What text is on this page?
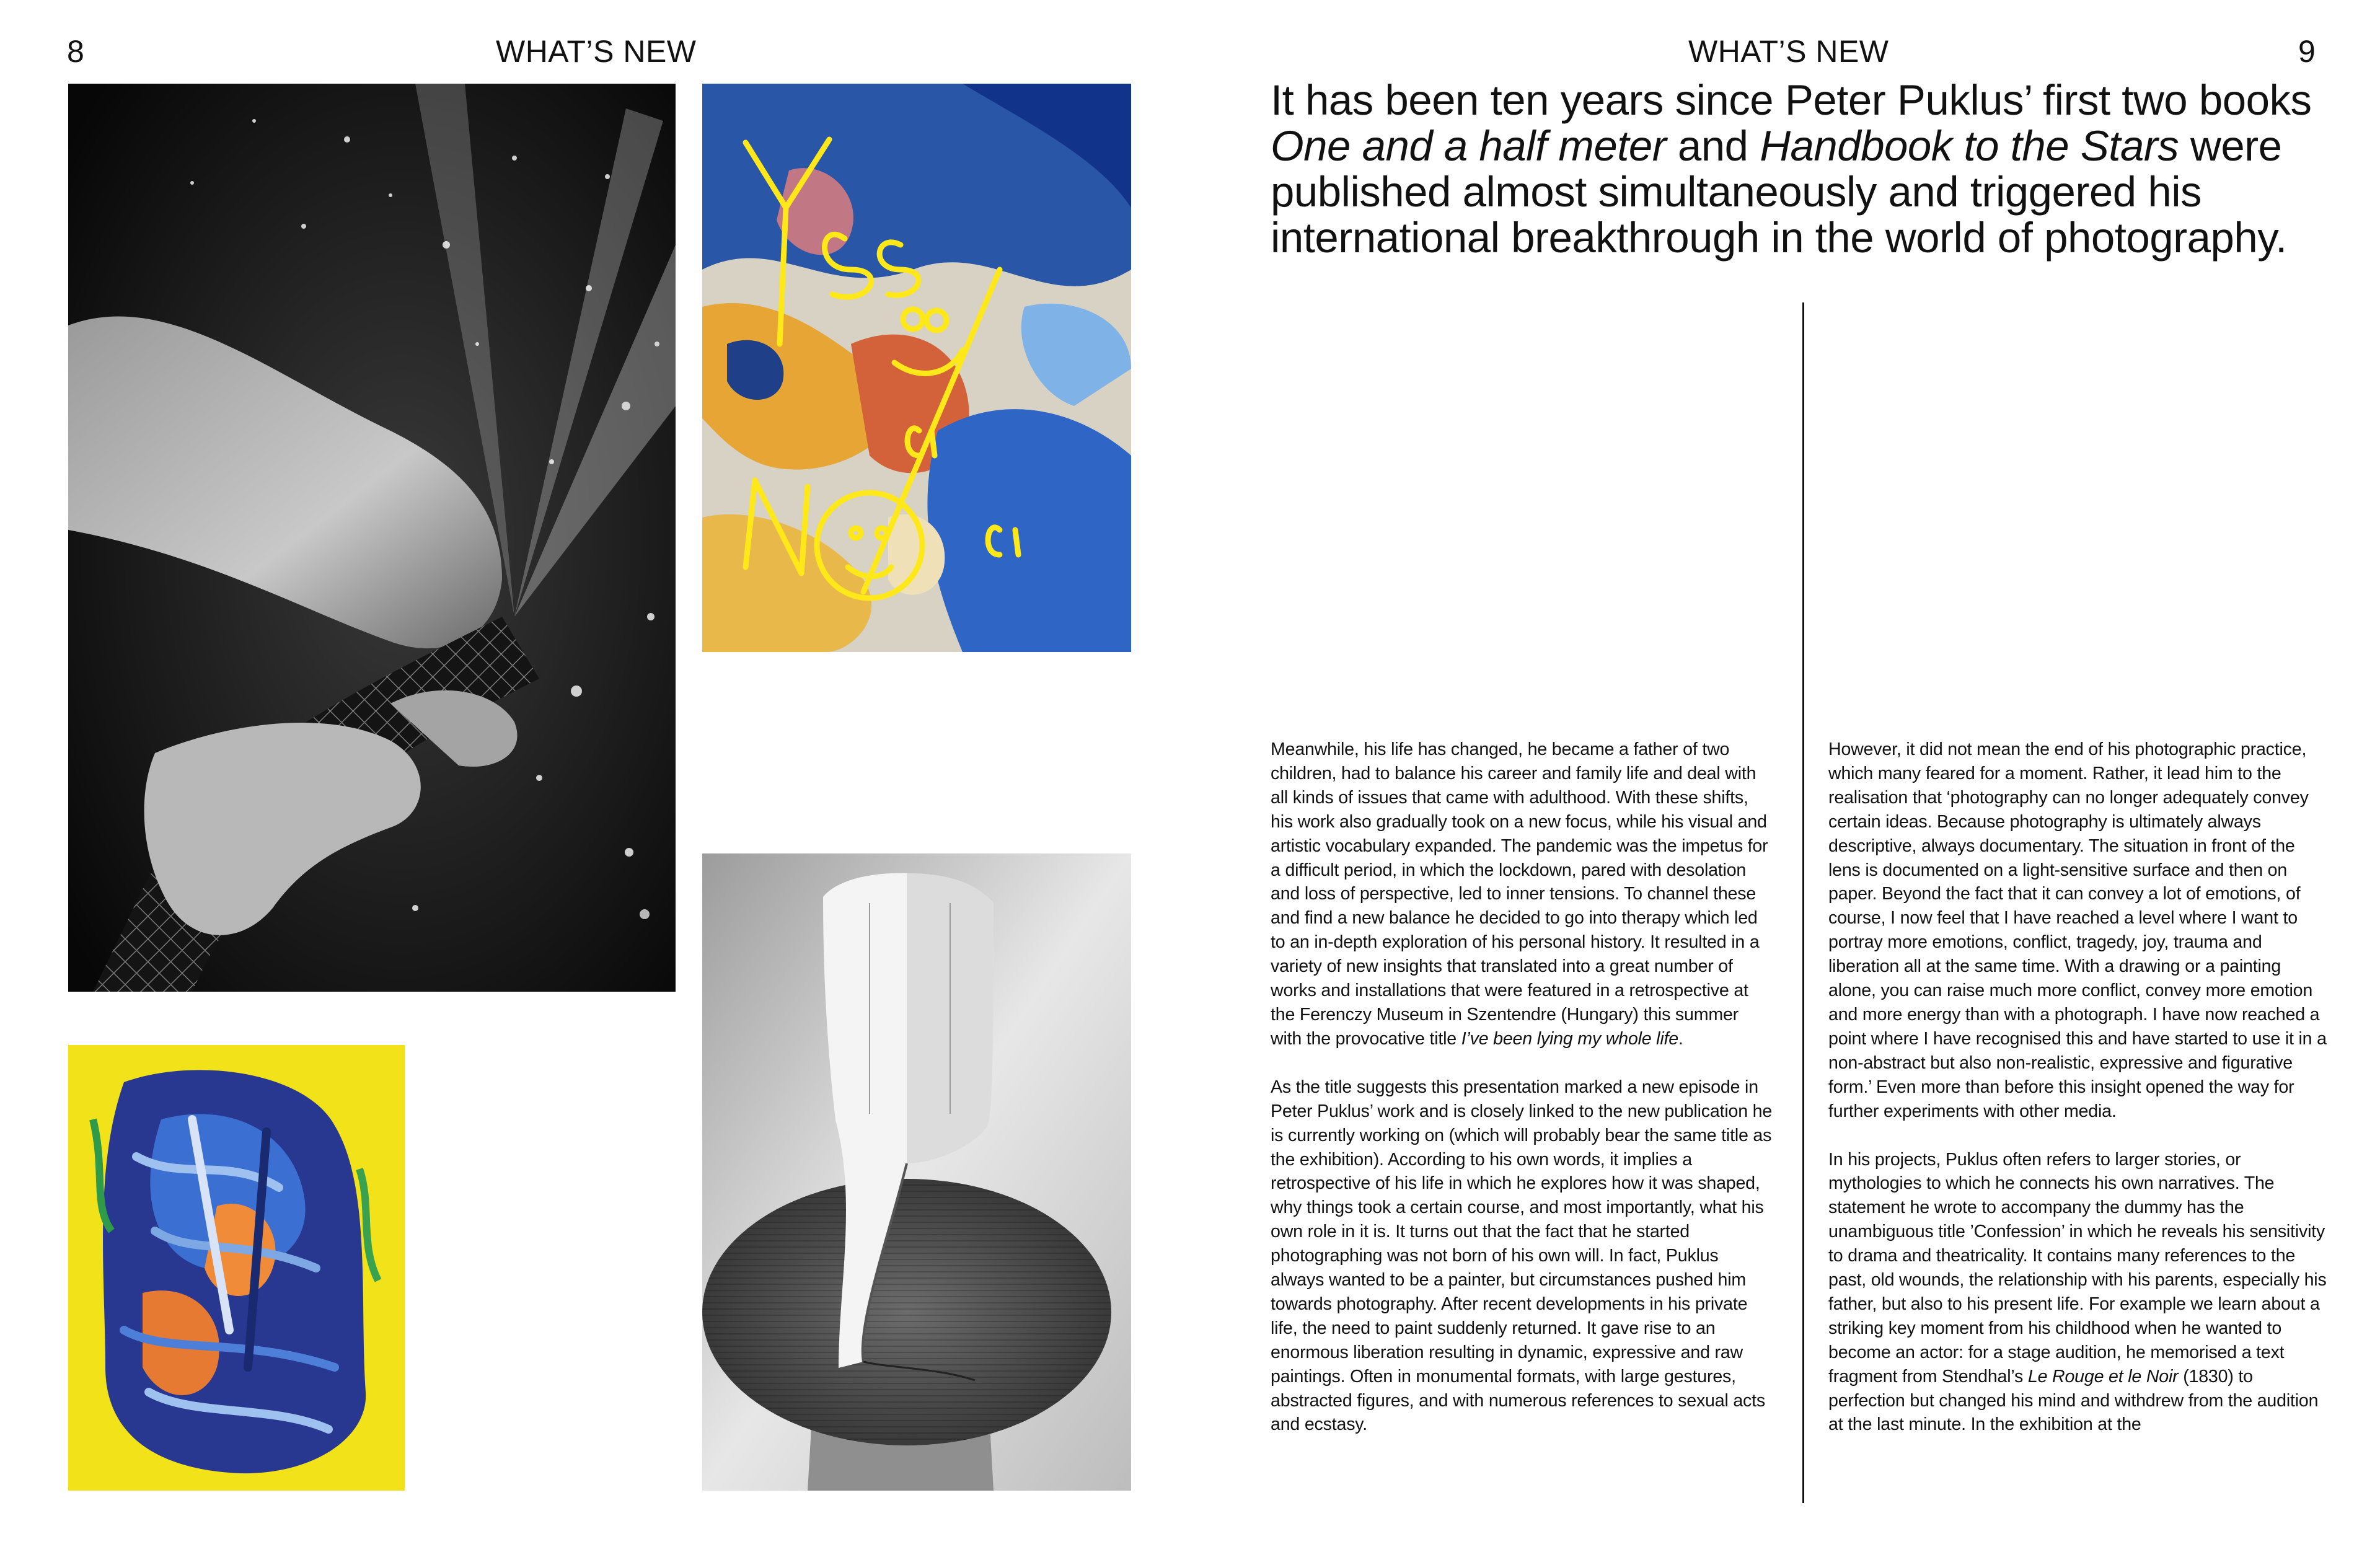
8	WHAT’S NEW	WHAT’S NEW	9
It has been ten years since Peter Puklus’ first two books One and a half meter and Handbook to the Stars were published almost simultaneously and triggered his international breakthrough in the world of photography.

Meanwhile, his life has changed, he became a father of two children, had to balance his career and family life and deal with all kinds of issues that came with adulthood. With these shifts, his work also gradually took on a new focus, while his visual and artistic vocabulary expanded. The pandemic was the impetus for a difficult period, in which the lockdown, pared with desolation and loss of perspective, led to inner tensions. To channel these and find a new balance he decided to go into therapy which led to an in-depth exploration of his personal history. It resulted in a variety of new insights that translated into a great number of works and installations that were featured in a retrospective at the Ferenczy Museum in Szentendre (Hungary) this summer with the provocative title I’ve been lying my whole life.

As the title suggests this presentation marked a new episode in Peter Puklus’ work and is closely linked to the new publication he is currently working on (which will probably bear the same title as the exhibition). According to his own words, it implies a retrospective of his life in which he explores how it was shaped, why things took a certain course, and most importantly, what his own role in it is. It turns out that the fact that he started photographing was not born of his own will. In fact, Puklus always wanted to be a painter, but circumstances pushed him towards photography. After recent developments in his private life, the need to paint suddenly returned. It gave rise to an enormous liberation resulting in dynamic, expressive and raw paintings. Often in monumental formats, with large gestures, abstracted figures, and with numerous references to sexual acts and ecstasy.

However, it did not mean the end of his photographic practice, which many feared for a moment. Rather, it lead him to the realisation that ‘photography can no longer adequately convey certain ideas. Because photography is ultimately always descriptive, always documentary. The situation in front of the lens is documented on a light-sensitive surface and then on paper. Beyond the fact that it can convey a lot of emotions, of course, I now feel that I have reached a level where I want to portray more emotions, conflict, tragedy, joy, trauma and liberation all at the same time. With a drawing or a painting alone, you can raise much more conflict, convey more emotion and more energy than with a photograph. I have now reached a point where I have recognised this and have started to use it in a non-abstract but also non-realistic, expressive and figurative form.’ Even more than before this insight opened the way for further experiments with other media.

In his projects, Puklus often refers to larger stories, or mythologies to which he connects his own narratives. The statement he wrote to accompany the dummy has the unambiguous title ’Confession’ in which he reveals his sensitivity to drama and theatricality. It contains many references to the past, old wounds, the relationship with his parents, especially his father, but also to his present life. For example we learn about a striking key moment from his childhood when he wanted to become an actor: for a stage audition, he memorised a text fragment from Stendhal’s Le Rouge et le Noir (1830) to perfection but changed his mind and withdrew from the audition at the last minute. In the exhibition at the
